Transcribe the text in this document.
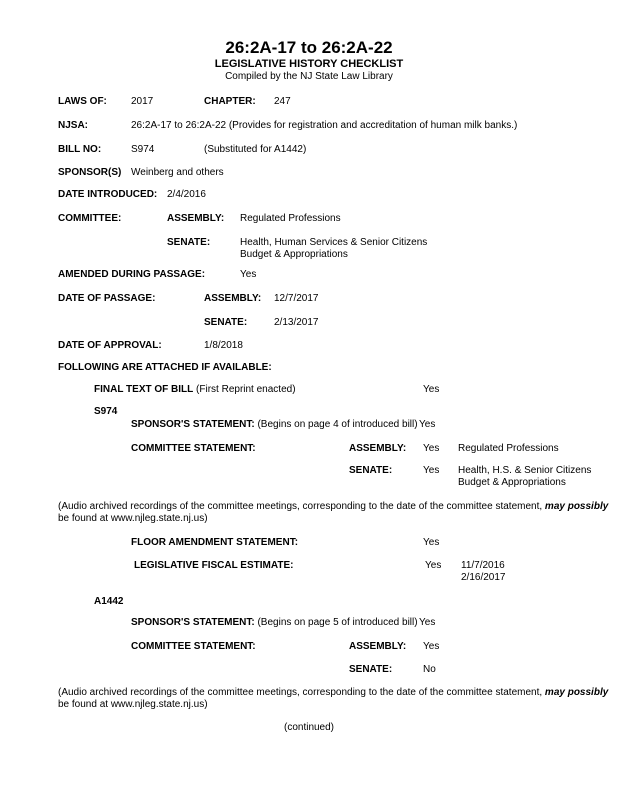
26:2A-17 to 26:2A-22
LEGISLATIVE HISTORY CHECKLIST
Compiled by the NJ State Law Library
LAWS OF: 2017	CHAPTER: 247
NJSA:	26:2A-17 to 26:2A-22 (Provides for registration and accreditation of human milk banks.)
BILL NO:	S974	(Substituted for A1442)
SPONSOR(S) Weinberg and others
DATE INTRODUCED: 2/4/2016
COMMITTEE:	ASSEMBLY: Regulated Professions
SENATE:	Health, Human Services & Senior Citizens
Budget & Appropriations
AMENDED DURING PASSAGE:	Yes
DATE OF PASSAGE:	ASSEMBLY: 12/7/2017
SENATE:	2/13/2017
DATE OF APPROVAL:	1/8/2018
FOLLOWING ARE ATTACHED IF AVAILABLE:
FINAL TEXT OF BILL (First Reprint enacted)	Yes
S974
SPONSOR'S STATEMENT: (Begins on page 4 of introduced bill) Yes
COMMITTEE STATEMENT:	ASSEMBLY: Yes Regulated Professions
SENATE:	Yes Health, H.S. & Senior Citizens
Budget & Appropriations
(Audio archived recordings of the committee meetings, corresponding to the date of the committee statement, may possibly
be found at www.njleg.state.nj.us)
FLOOR AMENDMENT STATEMENT:	Yes
LEGISLATIVE FISCAL ESTIMATE:	Yes 11/7/2016
2/16/2017
A1442
SPONSOR'S STATEMENT: (Begins on page 5 of introduced bill) Yes
COMMITTEE STATEMENT:	ASSEMBLY: Yes
SENATE:	No
(Audio archived recordings of the committee meetings, corresponding to the date of the committee statement, may possibly
be found at www.njleg.state.nj.us)
(continued)
